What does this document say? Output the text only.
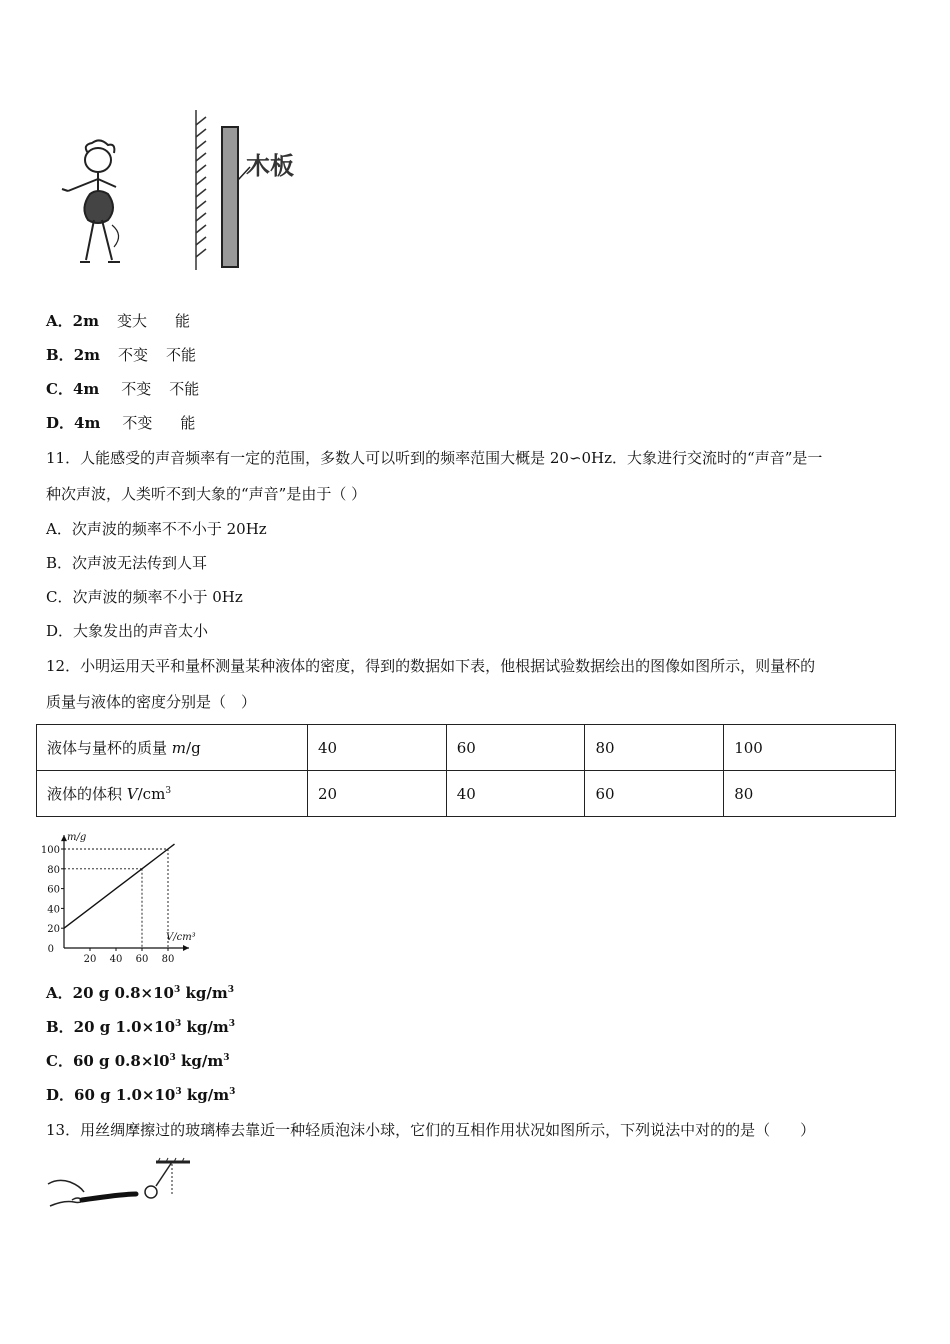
木板
A．2m 变大 能
B．2m 不变 不能
C．4m 不变 不能
D．4m 不变 能
11．人能感受的声音频率有一定的范围，多数人可以听到的频率范围大概是 20∽0Hz．大象进行交流时的“声音”是一
种次声波，人类听不到大象的“声音”是由于（ ）
A．次声波的频率不不小于 20Hz
B．次声波无法传到人耳
C．次声波的频率不小于 0Hz
D．大象发出的声音太小
12．小明运用天平和量杯测量某种液体的密度，得到的数据如下表，他根据试验数据绘出的图像如图所示，则量杯的
质量与液体的密度分别是（　）
液体与量杯的质量 m/g	40	60	80	100
液体的体积 $V/cm^3$	20	40	60	80
m/g
V/cm³
0
20
40
60
80
100
20 40 60 80
A．20 g $0.8\times 10^3$ $kg/m^3$
B．20 g $1.0\times 10^3$ $kg/m^3$
C．60 g $0.8\times l0^3$ $kg/m^3$
D．60 g $1.0\times 10^3$ $kg/m^3$
13．用丝绸摩擦过的玻璃棒去靠近一种轻质泡沫小球，它们的互相作用状况如图所示，下列说法中对的的是（　　）
